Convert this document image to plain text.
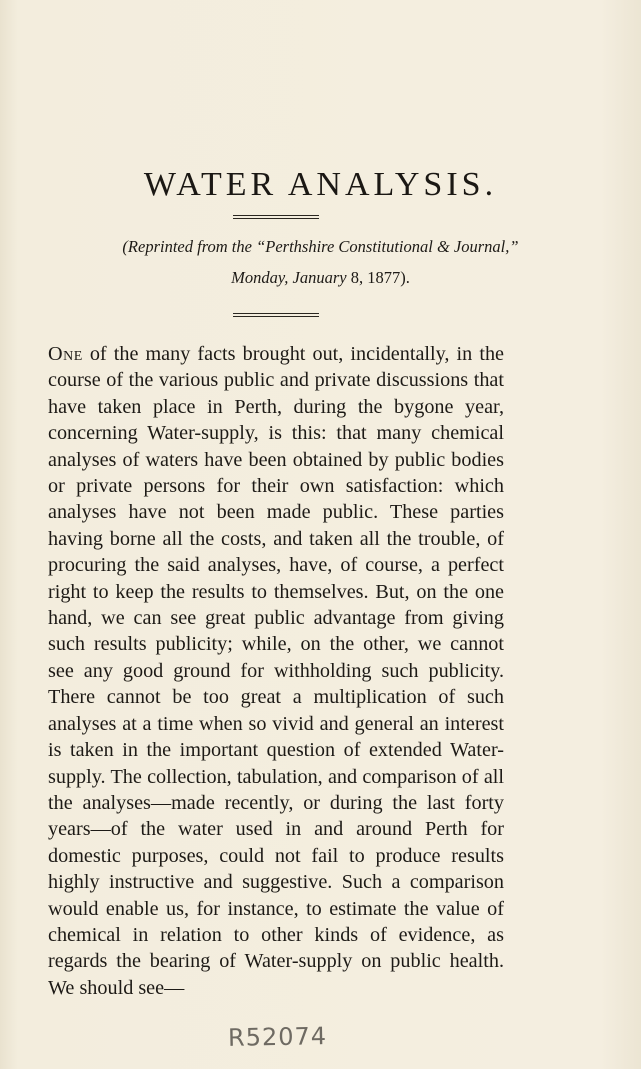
WATER ANALYSIS.
(Reprinted from the “Perthshire Constitutional & Journal,”
Monday, January 8, 1877).
One of the many facts brought out, incidentally, in the course of the various public and private discussions that have taken place in Perth, during the bygone year, concerning Water-supply, is this: that many chemical analyses of waters have been obtained by public bodies or private persons for their own satisfaction: which analyses have not been made public. These parties having borne all the costs, and taken all the trouble, of procuring the said analyses, have, of course, a perfect right to keep the results to themselves. But, on the one hand, we can see great public advantage from giving such results publicity; while, on the other, we cannot see any good ground for withholding such publicity. There cannot be too great a multiplication of such analyses at a time when so vivid and general an interest is taken in the important question of extended Water-supply. The collection, tabulation, and comparison of all the analyses—made recently, or during the last forty years—of the water used in and around Perth for domestic purposes, could not fail to produce results highly instructive and suggestive. Such a comparison would enable us, for instance, to estimate the value of chemical in relation to other kinds of evidence, as regards the bearing of Water-supply on public health. We should see—
R52074
